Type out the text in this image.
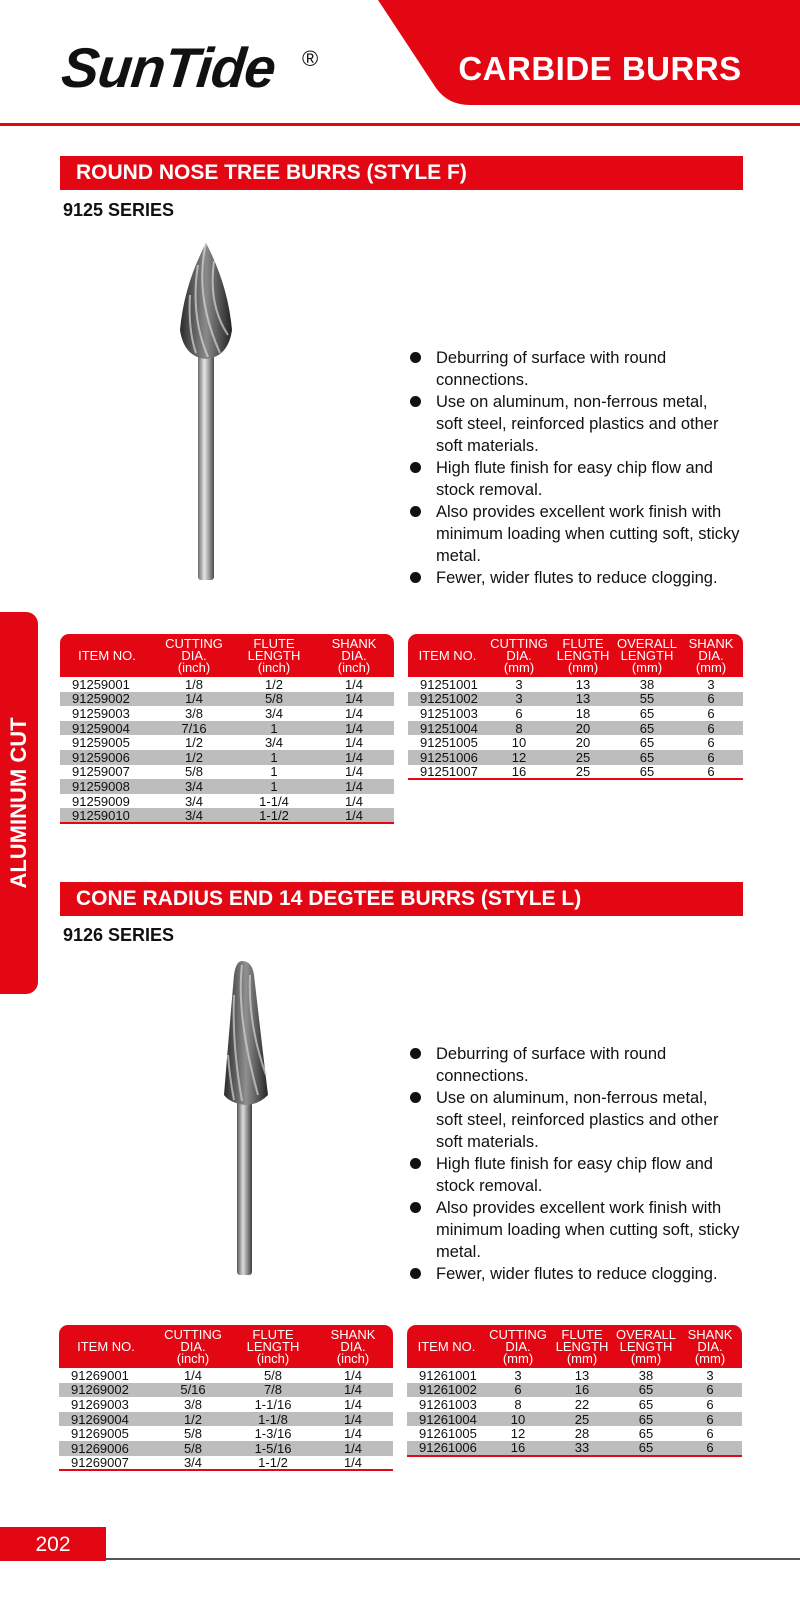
SunTide ®	CARBIDE BURRS
ALUMINUM CUT
ROUND NOSE TREE BURRS (STYLE F)
9125 SERIES
Deburring of surface with round
connections.
Use on aluminum, non-ferrous metal,
soft steel, reinforced plastics and other
soft materials.
High flute finish for easy chip flow and
stock removal.
Also provides excellent work finish with
minimum loading when cutting soft, sticky
metal.
Fewer, wider flutes to reduce clogging.
ITEM NO.	CUTTING
DIA.
(inch)	FLUTE
LENGTH
(inch)	SHANK
DIA.
(inch)
91259001	1/8	1/2	1/4
91259002	1/4	5/8	1/4
91259003	3/8	3/4	1/4
91259004	7/16	1	1/4
91259005	1/2	3/4	1/4
91259006	1/2	1	1/4
91259007	5/8	1	1/4
91259008	3/4	1	1/4
91259009	3/4	1-1/4	1/4
91259010	3/4	1-1/2	1/4
ITEM NO.	CUTTING
DIA.
(mm)	FLUTE
LENGTH
(mm)	OVERALL
LENGTH
(mm)	SHANK
DIA.
(mm)
91251001	3	13	38	3
91251002	3	13	55	6
91251003	6	18	65	6
91251004	8	20	65	6
91251005	10	20	65	6
91251006	12	25	65	6
91251007	16	25	65	6
CONE RADIUS END 14 DEGTEE BURRS (STYLE L)
9126 SERIES
Deburring of surface with round
connections.
Use on aluminum, non-ferrous metal,
soft steel, reinforced plastics and other
soft materials.
High flute finish for easy chip flow and
stock removal.
Also provides excellent work finish with
minimum loading when cutting soft, sticky
metal.
Fewer, wider flutes to reduce clogging.
ITEM NO.	CUTTING
DIA.
(inch)	FLUTE
LENGTH
(inch)	SHANK
DIA.
(inch)
91269001	1/4	5/8	1/4
91269002	5/16	7/8	1/4
91269003	3/8	1-1/16	1/4
91269004	1/2	1-1/8	1/4
91269005	5/8	1-3/16	1/4
91269006	5/8	1-5/16	1/4
91269007	3/4	1-1/2	1/4
ITEM NO.	CUTTING
DIA.
(mm)	FLUTE
LENGTH
(mm)	OVERALL
LENGTH
(mm)	SHANK
DIA.
(mm)
91261001	3	13	38	3
91261002	6	16	65	6
91261003	8	22	65	6
91261004	10	25	65	6
91261005	12	28	65	6
91261006	16	33	65	6
202
